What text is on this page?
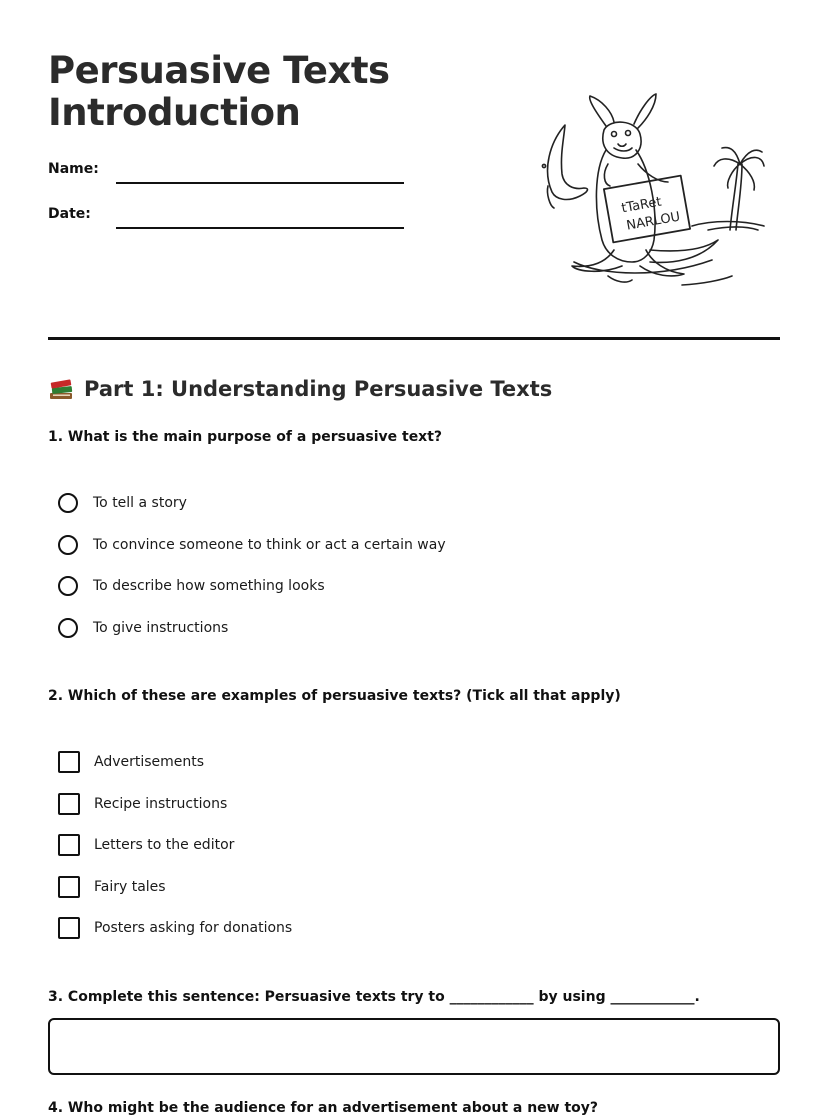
Persuasive Texts
Introduction
Name:
Date:	tTaRet
NARLOU
Part 1: Understanding Persuasive Texts

1. What is the main purpose of a persuasive text?

To tell a story
To convince someone to think or act a certain way
To describe how something looks
To give instructions

2. Which of these are examples of persuasive texts? (Tick all that apply)

Advertisements
Recipe instructions
Letters to the editor
Fairy tales
Posters asking for donations

3. Complete this sentence: Persuasive texts try to ____________ by using ____________.

4. Who might be the audience for an advertisement about a new toy?
